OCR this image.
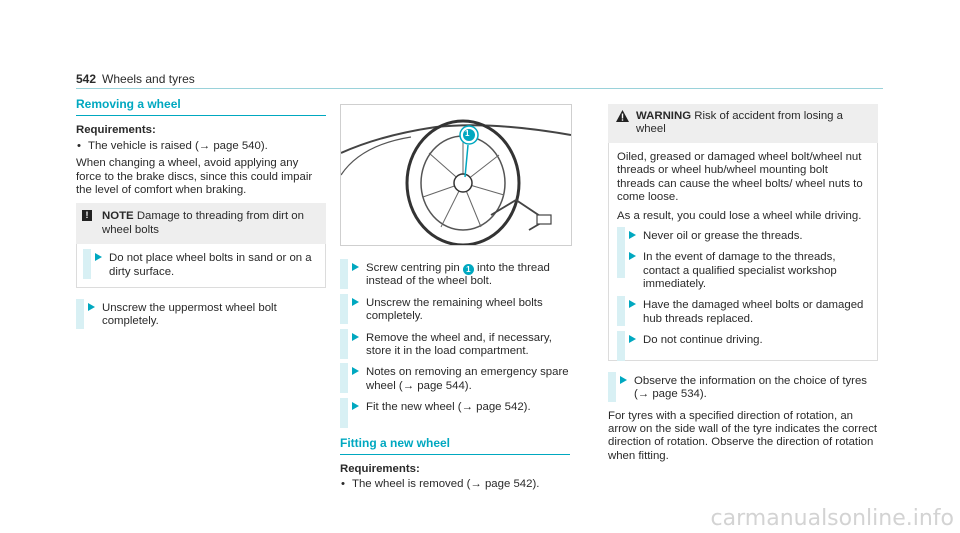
542 Wheels and tyres
Removing a wheel
Requirements:
• The vehicle is raised (→ page 540).

When changing a wheel, avoid applying any force to the brake discs, since this could impair the level of comfort when braking.

!	NOTE Damage to threading from dirt on wheel bolts
Do not place wheel bolts in sand or on a dirty surface.
Unscrew the uppermost wheel bolt completely.
1
Screw centring pin 1 into the thread instead of the wheel bolt.
Unscrew the remaining wheel bolts completely.
Remove the wheel and, if necessary, store it in the load compartment.
Notes on removing an emergency spare wheel (→ page 544).
Fit the new wheel (→ page 542).
Fitting a new wheel
Requirements:
• The wheel is removed (→ page 542).
WARNING Risk of accident from losing a wheel

Oiled, greased or damaged wheel bolt/wheel nut threads or wheel hub/wheel mounting bolt threads can cause the wheel bolts/ wheel nuts to come loose.

As a result, you could lose a wheel while driving.

Never oil or grease the threads.
In the event of damage to the threads, contact a qualified specialist workshop immediately.
Have the damaged wheel bolts or damaged hub threads replaced.
Do not continue driving.
Observe the information on the choice of tyres (→ page 534).

For tyres with a specified direction of rotation, an arrow on the side wall of the tyre indicates the correct direction of rotation. Observe the direction of rotation when fitting.

carmanualsonline.info
